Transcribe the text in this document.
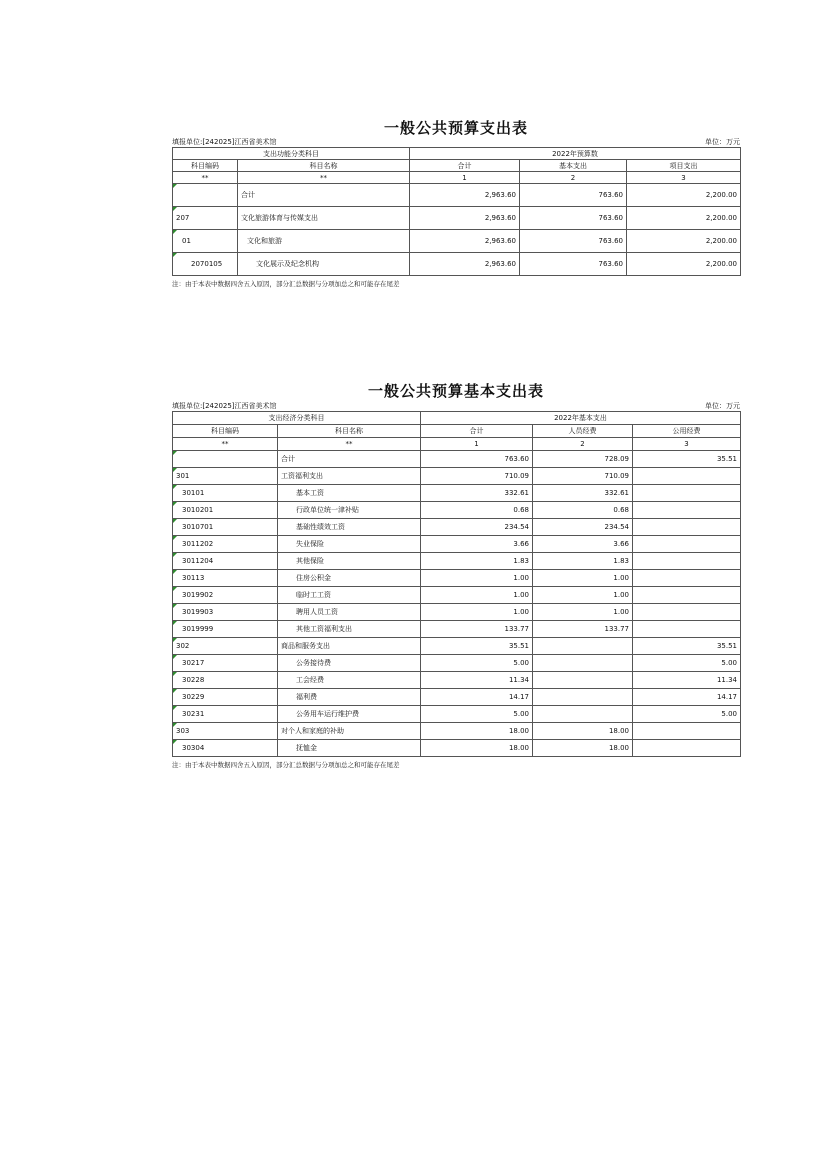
一般公共预算支出表
填报单位:[242025]江西省美术馆	单位：万元
支出功能分类科目		2022年预算数		
科目编码	科目名称	合计	基本支出	项目支出
**	**	1	2	3
	合计	2,963.60	763.60	2,200.00
207	文化旅游体育与传媒支出	2,963.60	763.60	2,200.00
01	文化和旅游	2,963.60	763.60	2,200.00
2070105	文化展示及纪念机构	2,963.60	763.60	2,200.00
注：由于本表中数据四舍五入原因，部分汇总数据与分项加总之和可能存在尾差
一般公共预算基本支出表
填报单位:[242025]江西省美术馆	单位：万元
支出经济分类科目		2022年基本支出		
科目编码	科目名称	合计	人员经费	公用经费
**	**	1	2	3
	合计	763.60	728.09	35.51
301	工资福利支出	710.09	710.09	
30101	基本工资	332.61	332.61	
3010201	行政单位统一津补贴	0.68	0.68	
3010701	基础性绩效工资	234.54	234.54	
3011202	失业保险	3.66	3.66	
3011204	其他保险	1.83	1.83	
30113	住房公积金	1.00	1.00	
3019902	临时工工资	1.00	1.00	
3019903	聘用人员工资	1.00	1.00	
3019999	其他工资福利支出	133.77	133.77	
302	商品和服务支出	35.51		35.51
30217	公务接待费	5.00		5.00
30228	工会经费	11.34		11.34
30229	福利费	14.17		14.17
30231	公务用车运行维护费	5.00		5.00
303	对个人和家庭的补助	18.00	18.00	
30304	抚恤金	18.00	18.00	
注：由于本表中数据四舍五入原因，部分汇总数据与分项加总之和可能存在尾差
